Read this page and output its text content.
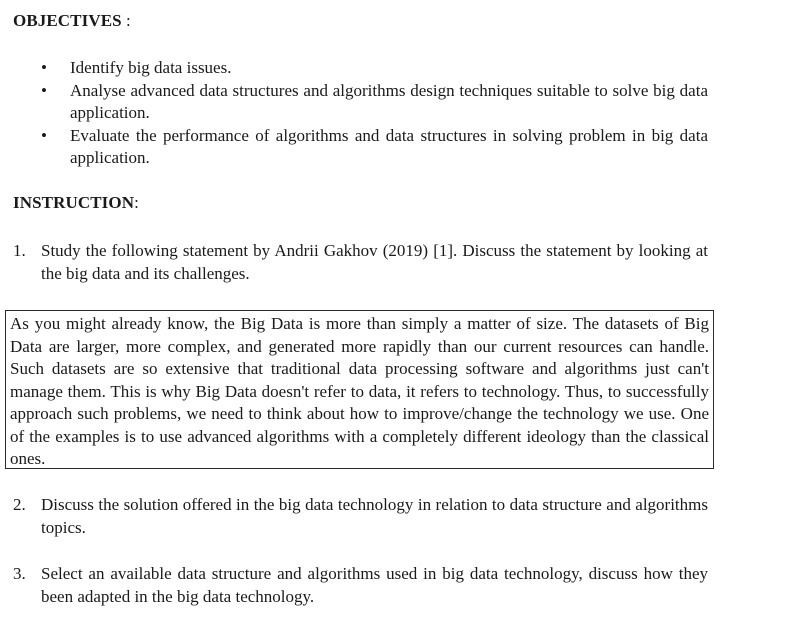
OBJECTIVES :
• Identify big data issues.
• Analyse advanced data structures and algorithms design techniques suitable to solve big data application.
• Evaluate the performance of algorithms and data structures in solving problem in big data application.
INSTRUCTION:
1. Study the following statement by Andrii Gakhov (2019) [1]. Discuss the statement by looking at the big data and its challenges.
As you might already know, the Big Data is more than simply a matter of size. The datasets of Big Data are larger, more complex, and generated more rapidly than our current resources can handle. Such datasets are so extensive that traditional data processing software and algorithms just can't manage them. This is why Big Data doesn't refer to data, it refers to technology. Thus, to successfully approach such problems, we need to think about how to improve/change the technology we use. One of the examples is to use advanced algorithms with a completely different ideology than the classical ones.
2. Discuss the solution offered in the big data technology in relation to data structure and algorithms topics.
3. Select an available data structure and algorithms used in big data technology, discuss how they been adapted in the big data technology.
